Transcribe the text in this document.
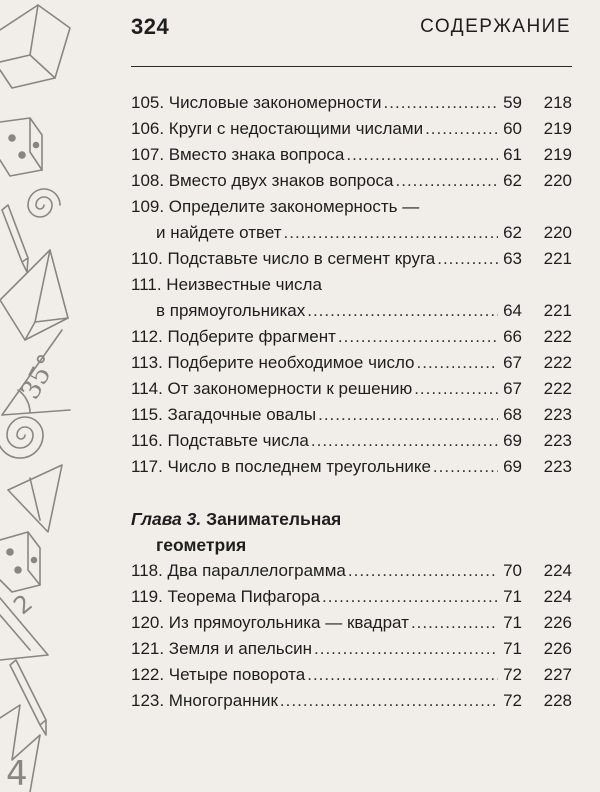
35°
2
4
324	СОДЕРЖАНИЕ
105. Числовые закономерности .....	59	218
106. Круги с недостающими числами .....	60	219
107. Вместо знака вопроса .....	61	219
108. Вместо двух знаков вопроса .....	62	220
109. Определите закономерность —
и найдете ответ .....	62	220
110. Подставьте число в сегмент круга .....	63	221
111. Неизвестные числа
в прямоугольниках .....	64	221
112. Подберите фрагмент .....	66	222
113. Подберите необходимое число .....	67	222
114. От закономерности к решению .....	67	222
115. Загадочные овалы .....	68	223
116. Подставьте числа .....	69	223
117. Число в последнем треугольнике .....	69	223
Глава 3. Занимательная
геометрия
118. Два параллелограмма .....	70	224
119. Теорема Пифагора .....	71	224
120. Из прямоугольника — квадрат .....	71	226
121. Земля и апельсин .....	71	226
122. Четыре поворота .....	72	227
123. Многогранник .....	72	228
